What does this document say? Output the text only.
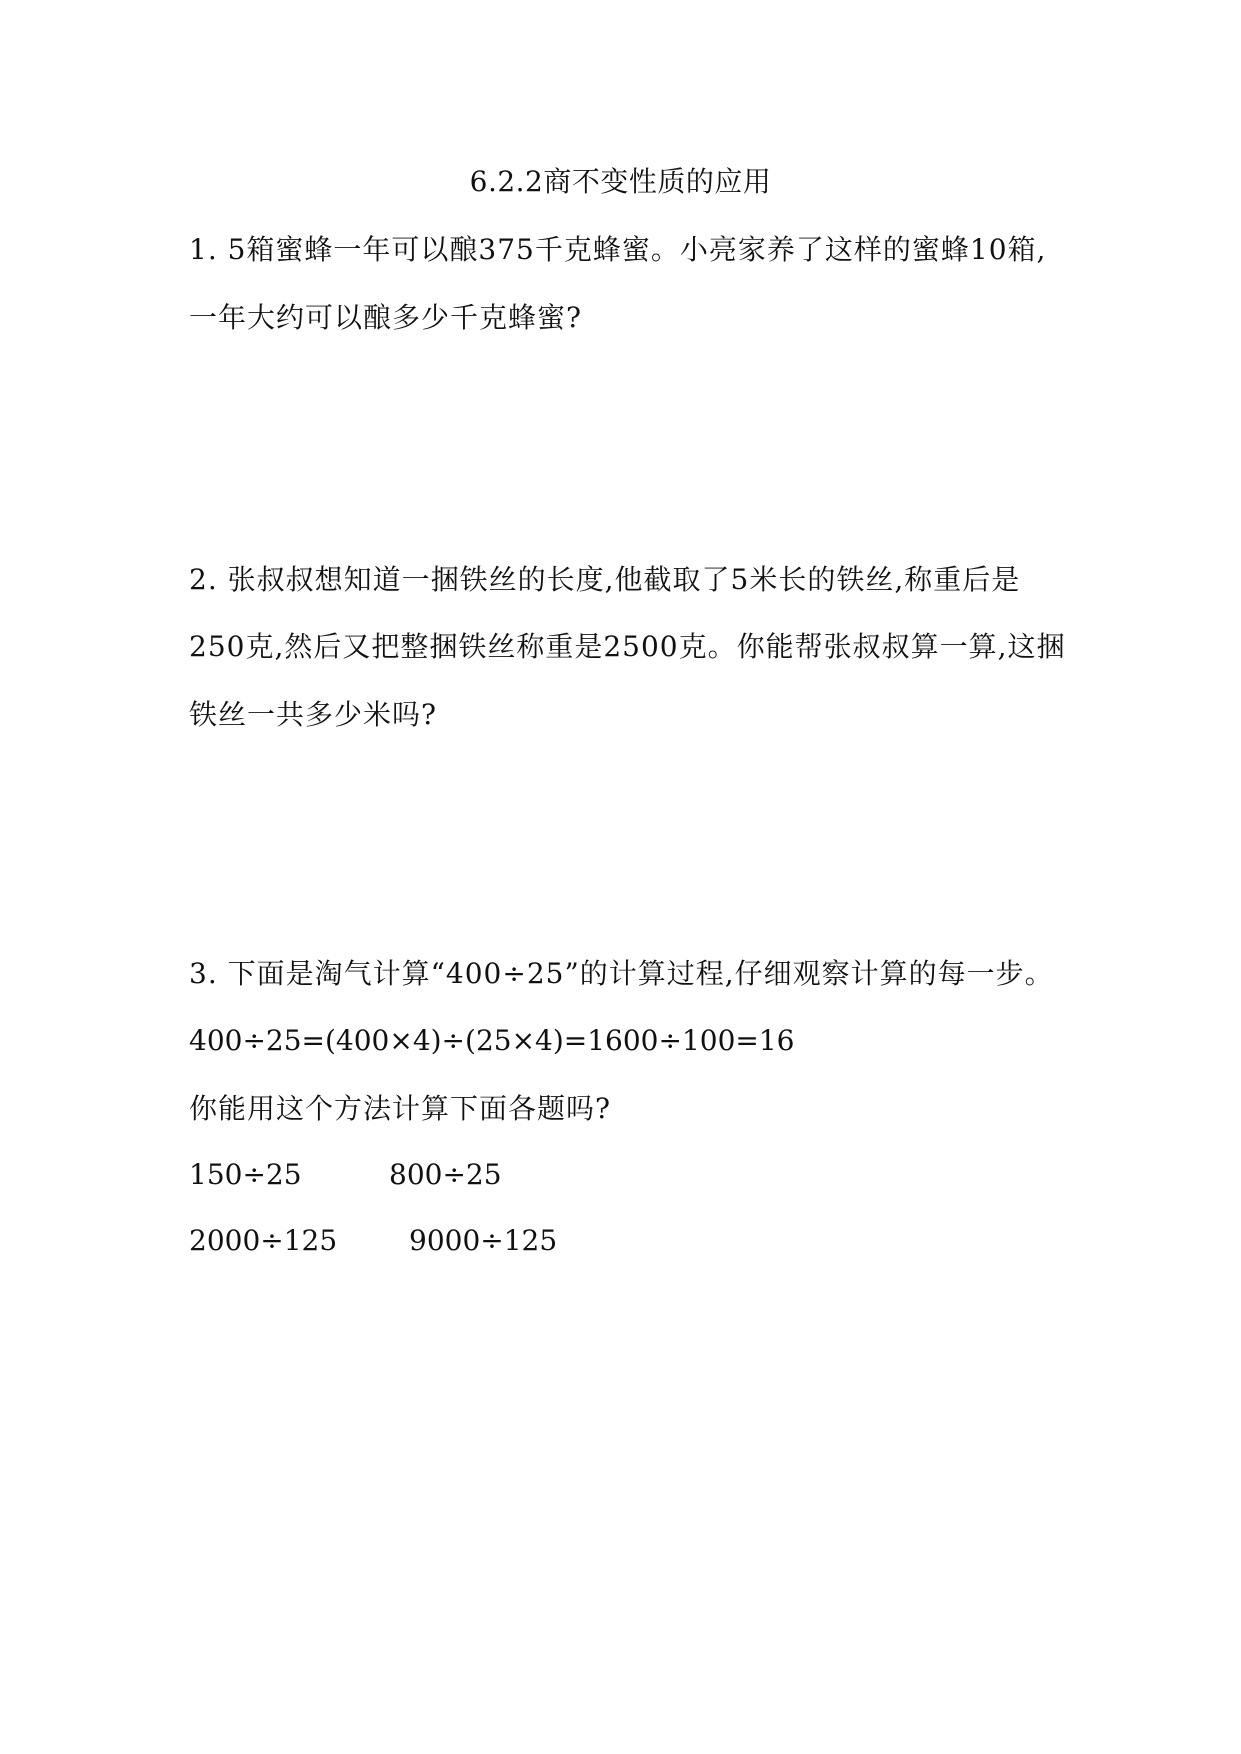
6.2.2商不变性质的应用
1. 5箱蜜蜂一年可以酿375千克蜂蜜。小亮家养了这样的蜜蜂10箱,
一年大约可以酿多少千克蜂蜜?
2. 张叔叔想知道一捆铁丝的长度,他截取了5米长的铁丝,称重后是
250克,然后又把整捆铁丝称重是2500克。你能帮张叔叔算一算,这捆
铁丝一共多少米吗?
3. 下面是淘气计算“400÷25”的计算过程,仔细观察计算的每一步。
400÷25=(400×4)÷(25×4)=1600÷100=16
你能用这个方法计算下面各题吗?
150÷25	800÷25
2000÷125	9000÷125
